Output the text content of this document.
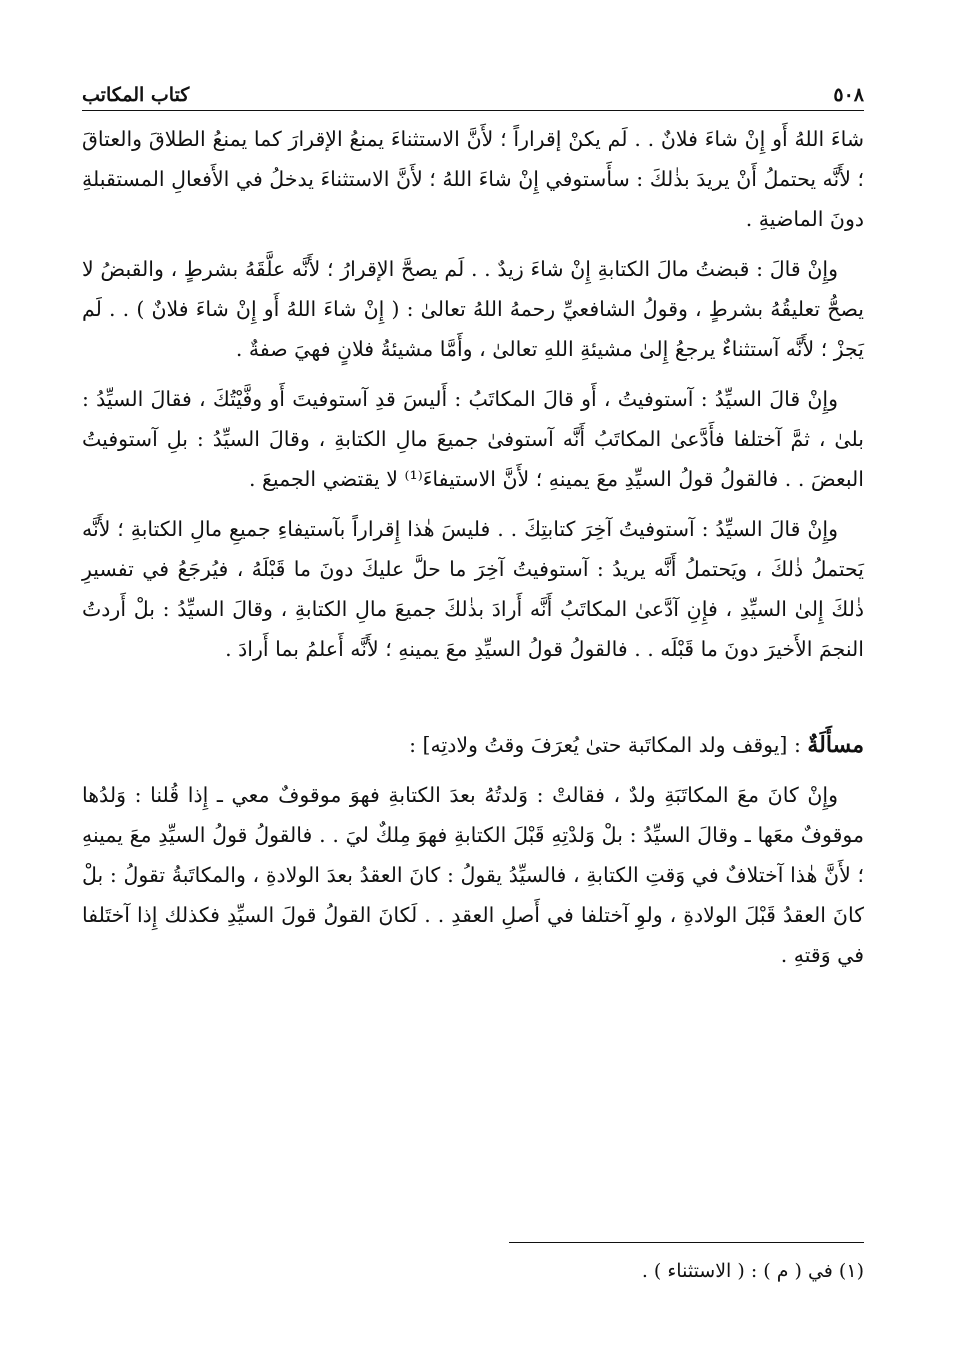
٥٠٨
كتاب المكاتب

شاءَ اللهُ أَو إِنْ شاءَ فلانٌ . . لَم يكنْ إقراراً ؛ لأَنَّ الاستثناءَ يمنعُ الإقرارَ كما يمنعُ الطلاقَ والعتاقَ ؛ لأَنَّه يحتملُ أَنْ يريدَ بذٰلكَ : سأَستوفي إِنْ شاءَ اللهُ ؛ لأَنَّ الاستثناءَ يدخلُ في الأَفعالِ المستقبلةِ دونَ الماضيةِ .

وإِنْ قالَ : قبضتُ مالَ الكتابةِ إِنْ شاءَ زيدٌ . . لَم يصحَّ الإقرارُ ؛ لأَنَّه علَّقَهُ بشرطٍ ، والقبضُ لا يصحُّ تعليقُهُ بشرطٍ ، وقولُ الشافعيِّ رحمهُ اللهُ تعالىٰ : ( إِنْ شاءَ اللهُ أَو إِنْ شاءَ فلانٌ ) . . لَم يَجزْ ؛ لأَنَّه آستثناءٌ يرجعُ إِلىٰ مشيئةِ اللهِ تعالىٰ ، وأَمَّا مشيئةُ فلانٍ فهيَ صفةٌ .

وإِنْ قالَ السيِّدُ : آستوفيتُ ، أَو قالَ المكاتَبُ : أَليسَ قدِ آستوفيتَ أَو وفَّيْتُكَ ، فقالَ السيِّدُ : بلىٰ ، ثمَّ آختلفا فأَدَّعىٰ المكاتَبُ أَنَّه آستوفىٰ جميعَ مالِ الكتابةِ ، وقالَ السيِّدُ : بلِ آستوفيتُ البعضَ . . فالقولُ قولُ السيِّدِ معَ يمينهِ ؛ لأَنَّ الاستيفاءَ⁽¹⁾ لا يقتضي الجميعَ .

وإِنْ قالَ السيِّدُ : آستوفيتُ آخِرَ كتابتِكَ . . فليسَ هٰذا إِقراراً بآستيفاءِ جميعِ مالِ الكتابةِ ؛ لأَنَّه يَحتملُ ذٰلكَ ، ويَحتملُ أَنَّه يريدُ : آستوفيتُ آخِرَ ما حلَّ عليكَ دونَ ما قَبْلَهُ ، فيُرجَعُ في تفسيرِ ذٰلكَ إِلىٰ السيِّدِ ، فإِنِ آدَّعىٰ المكاتَبُ أَنَّه أَرادَ بذٰلكَ جميعَ مالِ الكتابةِ ، وقالَ السيِّدُ : بلْ أَردتُ النجمَ الأَخيرَ دونَ ما قَبْلَه . . فالقولُ قولُ السيِّدِ معَ يمينهِ ؛ لأَنَّه أَعلمُ بما أَرادَ .

مسأَلَةٌ : [يوقف ولد المكاتَبة حتىٰ يُعرَفَ وقتُ ولادتِه] :

وإِنْ كانَ معَ المكاتَبَةِ ولدٌ ، فقالتْ : وَلدتُهُ بعدَ الكتابةِ فهوَ موقوفٌ معي ـ إِذا قُلنا : وَلدُها موقوفٌ معَها ـ وقالَ السيِّدُ : بلْ وَلدْتِهِ قَبْلَ الكتابةِ فهوَ مِلكٌ ليَ . . فالقولُ قولُ السيِّدِ معَ يمينهِ ؛ لأَنَّ هٰذا آختلافٌ في وَقتِ الكتابةِ ، فالسيِّدُ يقولُ : كانَ العقدُ بعدَ الولادةِ ، والمكاتَبةُ تقولُ : بلْ كانَ العقدُ قَبْلَ الولادةِ ، ولوِ آختلفا في أَصلِ العقدِ . . لَكانَ القولُ قولَ السيِّدِ فكذلك إِذا آختَلفا في وَقتهِ .

(١) في ( م ) : ( الاستثناء ) .
